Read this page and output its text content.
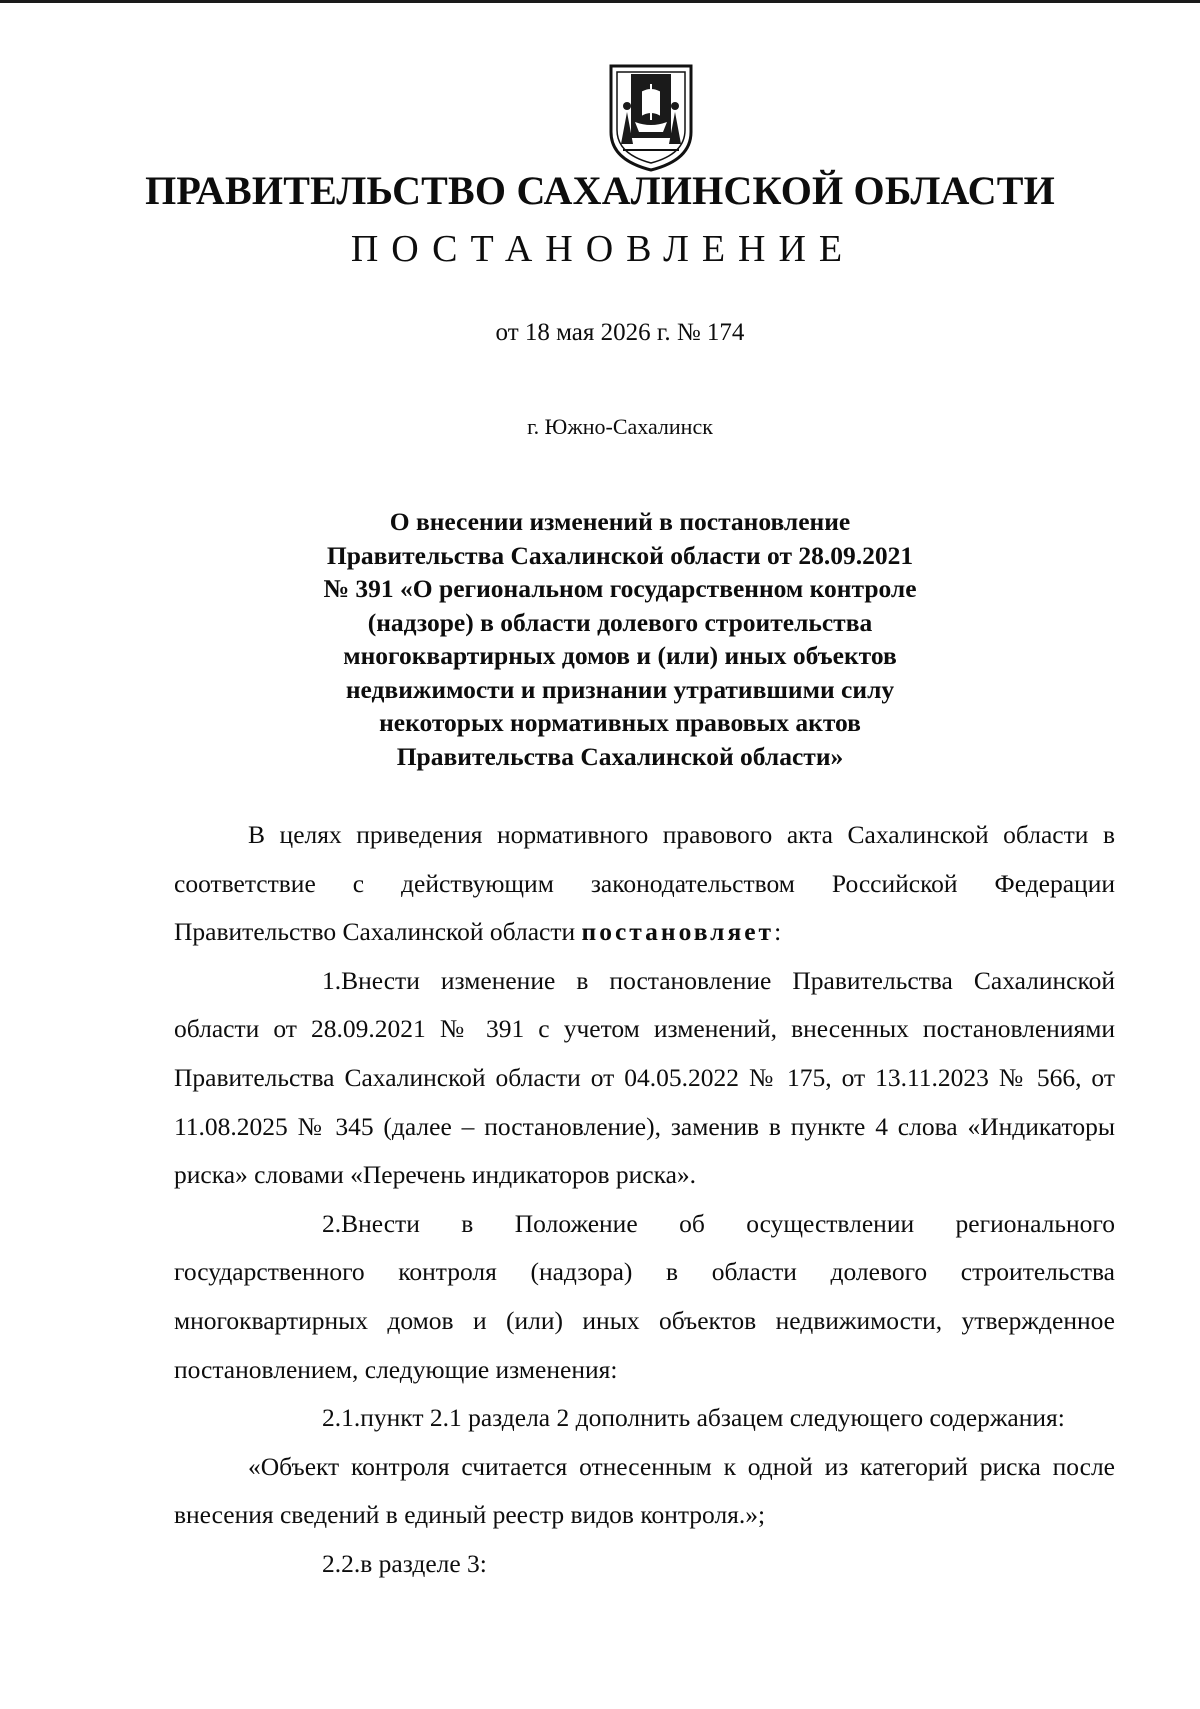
ПРАВИТЕЛЬСТВО САХАЛИНСКОЙ ОБЛАСТИ
ПОСТАНОВЛЕНИЕ
от 18 мая 2026 г. № 174
г. Южно-Сахалинск
О внесении изменений в постановление
Правительства Сахалинской области от 28.09.2021
№ 391 «О региональном государственном контроле
(надзоре) в области долевого строительства
многоквартирных домов и (или) иных объектов
недвижимости и признании утратившими силу
некоторых нормативных правовых актов
Правительства Сахалинской области»

В целях приведения нормативного правового акта Сахалинской области в соответствие с действующим законодательством Российской Федерации Правительство Сахалинской области постановляет:

1.Внести изменение в постановление Правительства Сахалинской области от 28.09.2021 № 391 с учетом изменений, внесенных постановлениями Правительства Сахалинской области от 04.05.2022 № 175, от 13.11.2023 № 566, от 11.08.2025 № 345 (далее – постановление), заменив в пункте 4 слова «Индикаторы риска» словами «Перечень индикаторов риска».

2.Внести в Положение об осуществлении регионального государственного контроля (надзора) в области долевого строительства многоквартирных домов и (или) иных объектов недвижимости, утвержденное постановлением, следующие изменения:

2.1.пункт 2.1 раздела 2 дополнить абзацем следующего содержания:

«Объект контроля считается отнесенным к одной из категорий риска после внесения сведений в единый реестр видов контроля.»;

2.2.в разделе 3:
